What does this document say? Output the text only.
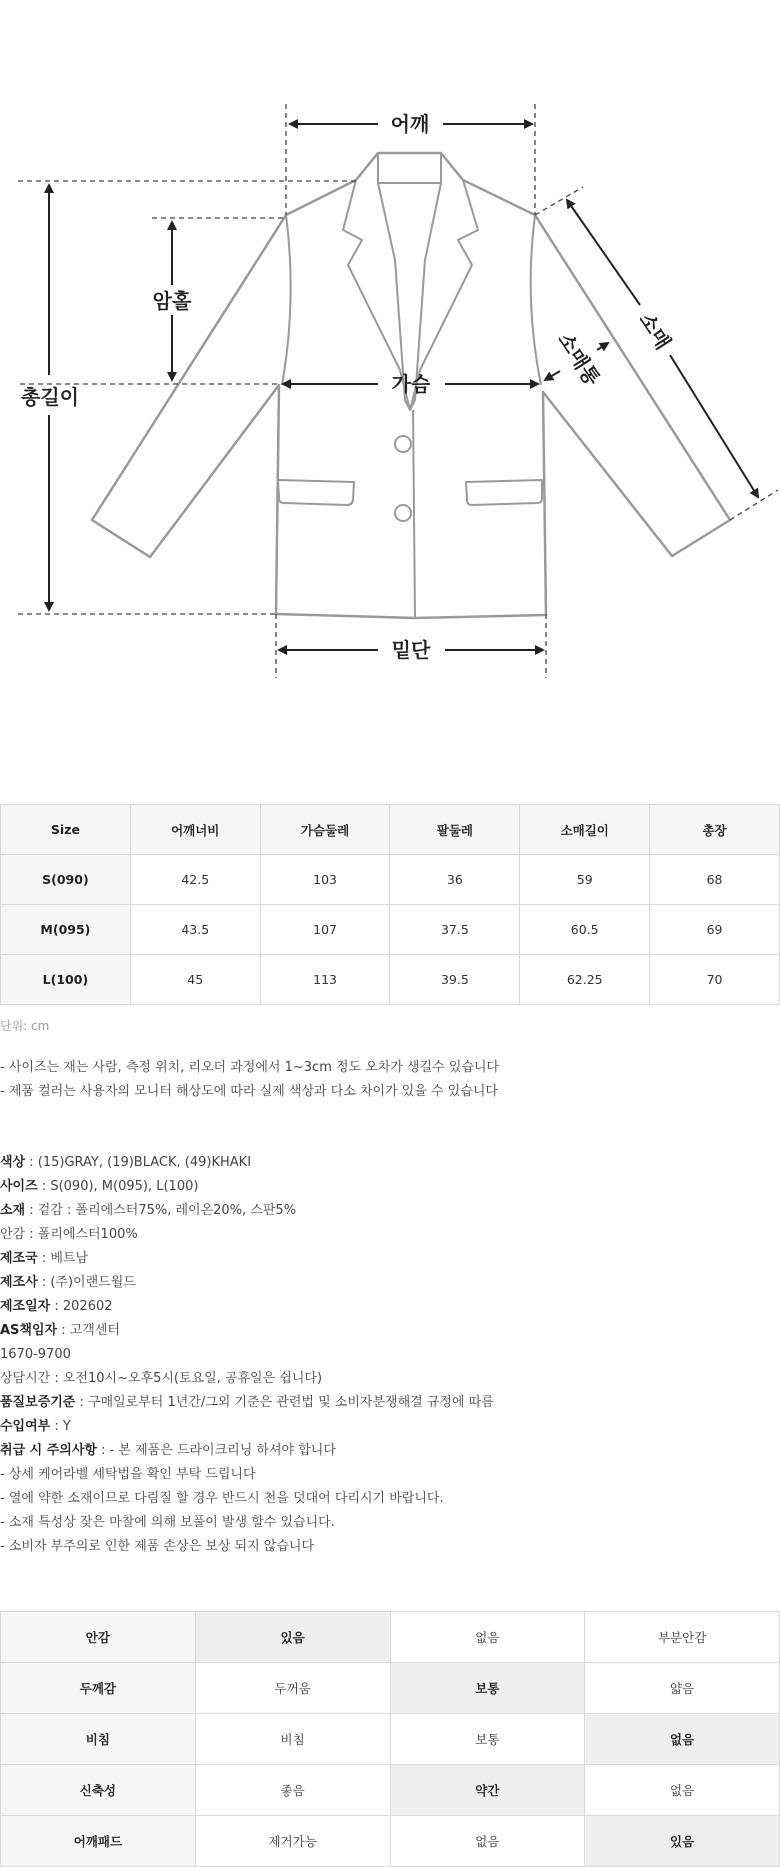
어깨
총길이
암홀
가슴
밑단
소매
소매통
Size	어깨너비	가슴둘레	팔둘레	소매길이	총장
S(090)	42.5	103	36	59	68
M(095)	43.5	107	37.5	60.5	69
L(100)	45	113	39.5	62.25	70
단위: cm
- 사이즈는 재는 사람, 측정 위치, 리오더 과정에서 1~3cm 정도 오차가 생길수 있습니다
- 제품 컬러는 사용자의 모니터 해상도에 따라 실제 색상과 다소 차이가 있을 수 있습니다
색상 : (15)GRAY, (19)BLACK, (49)KHAKI
사이즈 : S(090), M(095), L(100)
소재 : 겉감 : 폴리에스터75%, 레이온20%, 스판5%
안감 : 폴리에스터100%
제조국 : 베트남
제조사 : (주)이랜드월드
제조일자 : 202602
AS책임자 : 고객센터
1670-9700
상담시간 : 오전10시~오후5시(토요일, 공휴일은 쉽니다)
품질보증기준 : 구매일로부터 1년간/그외 기준은 관련법 및 소비자분쟁해결 규정에 따름
수입여부 : Y
취급 시 주의사항 : - 본 제품은 드라이크리닝 하셔야 합니다
- 상세 케어라벨 세탁법을 확인 부탁 드립니다
- 열에 약한 소재이므로 다림질 할 경우 반드시 천을 덧대어 다리시기 바랍니다.
- 소재 특성상 잦은 마찰에 의해 보풀이 발생 할수 있습니다.
- 소비자 부주의로 인한 제품 손상은 보상 되지 않습니다
안감	있음	없음	부분안감
두께감	두꺼움	보통	얇음
비침	비침	보통	없음
신축성	좋음	약간	없음
어깨패드	제거가능	없음	있음
